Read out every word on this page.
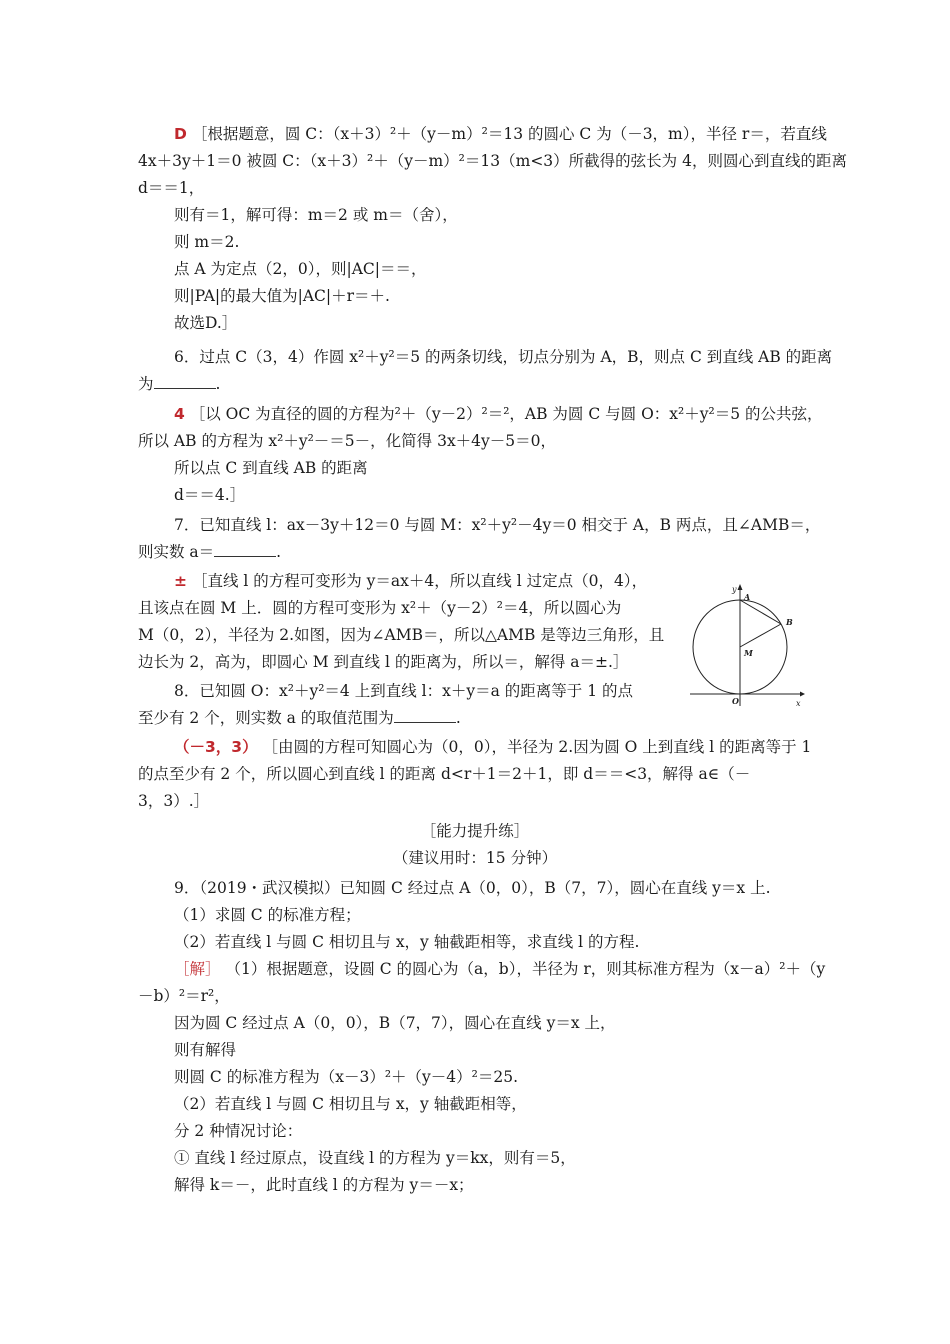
D ［根据题意，圆 C：（x＋3）²＋（y－m）²＝13 的圆心 C 为（－3，m），半径 r＝，若直线
4x＋3y＋1＝0 被圆 C：（x＋3）²＋（y－m）²＝13（m<3）所截得的弦长为 4，则圆心到直线的距离
d＝＝1，
则有＝1，解可得：m＝2 或 m＝（舍），
则 m＝2.
点 A 为定点（2，0），则|AC|＝＝，
则|PA|的最大值为|AC|＋r＝＋.
故选D.］
6．过点 C（3，4）作圆 x²＋y²＝5 的两条切线，切点分别为 A，B，则点 C 到直线 AB 的距离
为	.
4 ［以 OC 为直径的圆的方程为²＋（y－2）²＝²，AB 为圆 C 与圆 O：x²＋y²＝5 的公共弦，
所以 AB 的方程为 x²＋y²－＝5－，化简得 3x＋4y－5＝0，
所以点 C 到直线 AB 的距离
d＝＝4.］
7．已知直线 l：ax－3y＋12＝0 与圆 M：x²＋y²－4y＝0 相交于 A，B 两点，且∠AMB＝，
则实数 a＝	.
± ［直线 l 的方程可变形为 y＝ax＋4，所以直线 l 过定点（0，4），
且该点在圆 M 上．圆的方程可变形为 x²＋（y－2）²＝4，所以圆心为
M（0，2），半径为 2.如图，因为∠AMB＝，所以△AMB 是等边三角形，且
边长为 2，高为，即圆心 M 到直线 l 的距离为，所以＝，解得 a＝±.］
8．已知圆 O：x²＋y²＝4 上到直线 l：x＋y＝a 的距离等于 1 的点
至少有 2 个，则实数 a 的取值范围为	.
（－3，3） ［由圆的方程可知圆心为（0，0），半径为 2.因为圆 O 上到直线 l 的距离等于 1
的点至少有 2 个，所以圆心到直线 l 的距离 d<r＋1＝2＋1，即 d＝＝<3，解得 a∈（－
3，3）.］
［能力提升练］
（建议用时：15 分钟）
9．（2019・武汉模拟）已知圆 C 经过点 A（0，0），B（7，7），圆心在直线 y＝x 上.
（1）求圆 C 的标准方程；
（2）若直线 l 与圆 C 相切且与 x，y 轴截距相等，求直线 l 的方程.
［解］ （1）根据题意，设圆 C 的圆心为（a，b），半径为 r，则其标准方程为（x－a）²＋（y
－b）²＝r²，
因为圆 C 经过点 A（0，0），B（7，7），圆心在直线 y＝x 上，
则有解得
则圆 C 的标准方程为（x－3）²＋（y－4）²＝25.
（2）若直线 l 与圆 C 相切且与 x，y 轴截距相等，
分 2 种情况讨论：
① 直线 l 经过原点，设直线 l 的方程为 y＝kx，则有＝5，
解得 k＝－，此时直线 l 的方程为 y＝－x；
y
A
B
M
O	x
